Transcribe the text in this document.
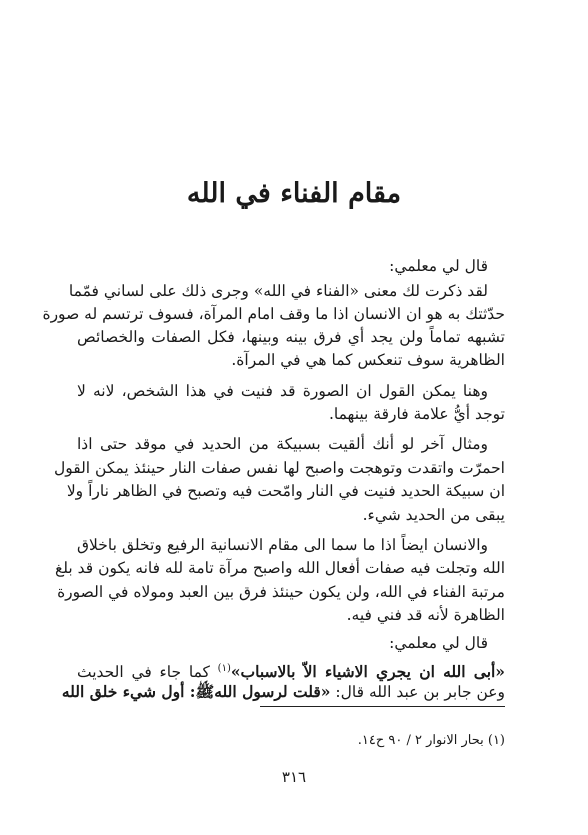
مقام الفناء في الله
قال لي معلمي:
لقد ذكرت لك معنى «الفناء في الله» وجرى ذلك على لساني فمّما
حدّثتك به هو ان الانسان اذا ما وقف امام المرآة، فسوف ترتسم له صورة
تشبهه تماماً ولن يجد أي فرق بينه وبينها، فكل الصفات والخصائص
الظاهرية سوف تنعكس كما هي في المرآة.
وهنا يمكن القول ان الصورة قد فنيت في هذا الشخص، لانه لا
توجد أيُّ علامة فارقة بينهما.
ومثال آخر لو أنك ألقيت بسبيكة من الحديد في موقد حتى اذا
احمرّت واتقدت وتوهجت واصبح لها نفس صفات النار حينئذ يمكن القول
ان سبيكة الحديد فنيت في النار وامّحت فيه وتصبح في الظاهر ناراً ولا
يبقى من الحديد شيء.
والانسان ايضاً اذا ما سما الى مقام الانسانية الرفيع وتخلق باخلاق
الله وتجلت فيه صفات أفعال الله واصبح مرآة تامة لله فانه يكون قد بلغ
مرتبة الفناء في الله، ولن يكون حينئذ فرق بين العبد ومولاه في الصورة
الظاهرة لأنه قد فني فيه.
قال لي معلمي:
«أبى الله ان يجري الاشياء الاّ بالاسباب»$^{(١)}$ كما جاء في الحديث
وعن جابر بن عبد الله قال: «قلت لرسول اللهﷺ: أول شيء خلق الله
(١) بحار الانوار ٢ / ٩٠ ح١٤.
٣١٦
